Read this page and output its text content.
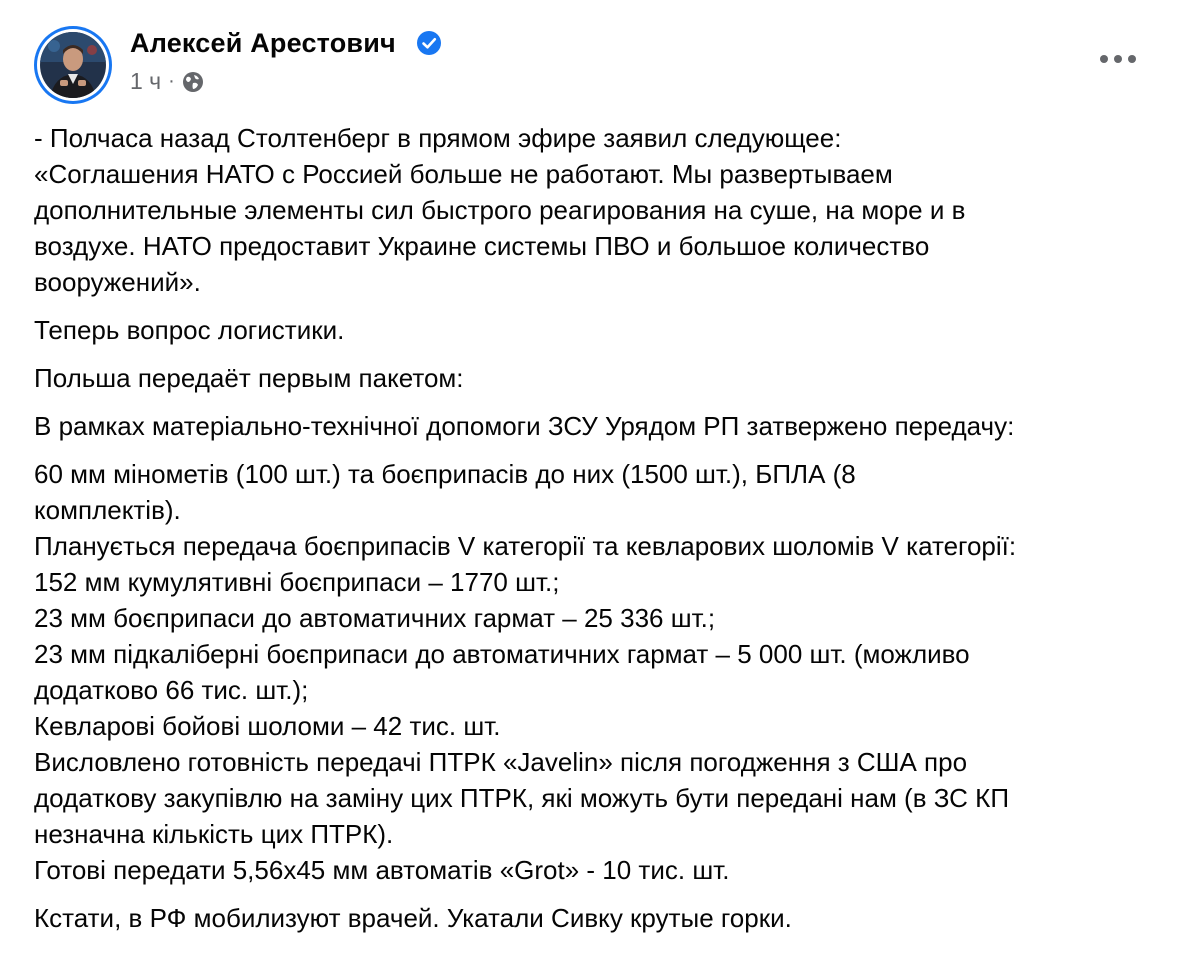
Алексей Арестович
1 ч ·
- Полчаса назад Столтенберг в прямом эфире заявил следующее:
«Соглашения НАТО с Россией больше не работают. Мы развертываем
дополнительные элементы сил быстрого реагирования на суше, на море и в
воздухе. НАТО предоставит Украине системы ПВО и большое количество
вооружений».
Теперь вопрос логистики.
Польша передаёт первым пакетом:
В рамках матеріально-технічної допомоги ЗСУ Урядом РП затвержено передачу:
60 мм мінометів (100 шт.) та боєприпасів до них (1500 шт.), БПЛА (8
комплектів).
Планується передача боєприпасів V категорії та кевларових шоломів V категорії:
152 мм кумулятивні боєприпаси – 1770 шт.;
23 мм боєприпаси до автоматичних гармат – 25 336 шт.;
23 мм підкаліберні боєприпаси до автоматичних гармат – 5 000 шт. (можливо
додатково 66 тис. шт.);
Кевларові бойові шоломи – 42 тис. шт.
Висловлено готовність передачі ПТРК «Javelin» після погодження з США про
додаткову закупівлю на заміну цих ПТРК, які можуть бути передані нам (в ЗС КП
незначна кількість цих ПТРК).
Готові передати 5,56х45 мм автоматів «Grot» - 10 тис. шт.
Кстати, в РФ мобилизуют врачей. Укатали Сивку крутые горки.
